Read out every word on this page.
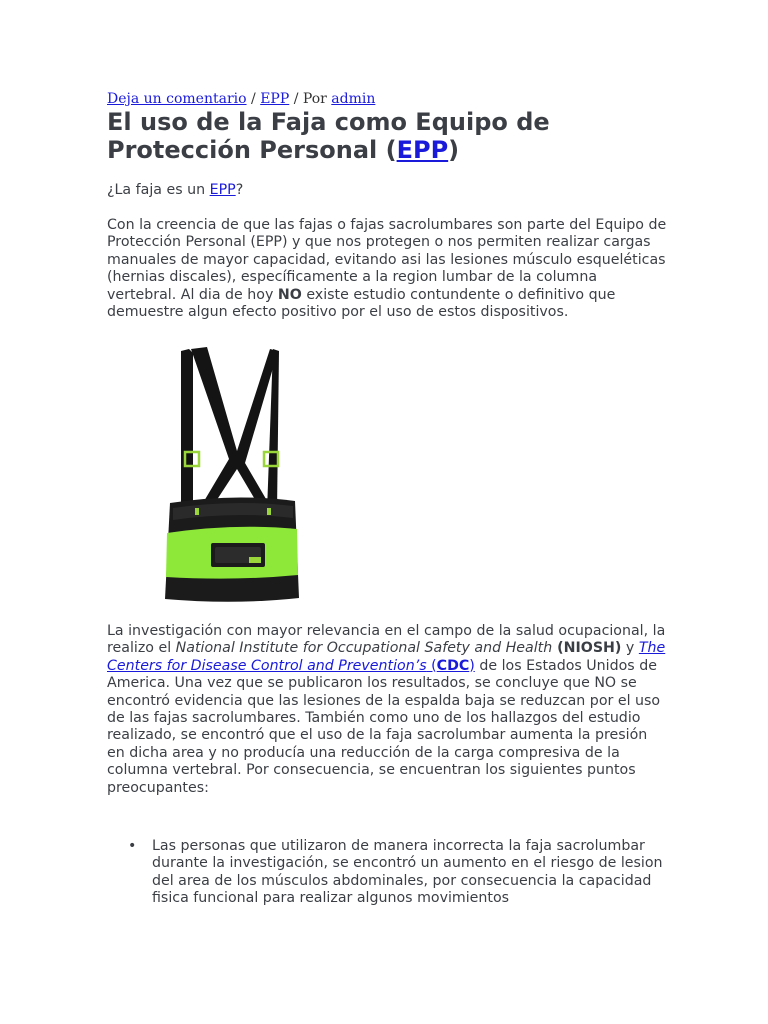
Deja un comentario / EPP / Por admin
El uso de la Faja como Equipo de Protección Personal (EPP)

¿La faja es un EPP?

Con la creencia de que las fajas o fajas sacrolumbares son parte del Equipo de Protección Personal (EPP) y que nos protegen o nos permiten realizar cargas manuales de mayor capacidad, evitando asi las lesiones músculo esqueléticas (hernias discales), específicamente a la region lumbar de la columna vertebral. Al dia de hoy NO existe estudio contundente o definitivo que demuestre algun efecto positivo por el uso de estos dispositivos.

La investigación con mayor relevancia en el campo de la salud ocupacional, la realizo el National Institute for Occupational Safety and Health (NIOSH) y The Centers for Disease Control and Prevention’s (CDC) de los Estados Unidos de America. Una vez que se publicaron los resultados, se concluye que NO se encontró evidencia que las lesiones de la espalda baja se reduzcan por el uso de las fajas sacrolumbares. También como uno de los hallazgos del estudio realizado, se encontró que el uso de la faja sacrolumbar aumenta la presión en dicha area y no producía una reducción de la carga compresiva de la columna vertebral. Por consecuencia, se encuentran los siguientes puntos preocupantes:

• Las personas que utilizaron de manera incorrecta la faja sacrolumbar durante la investigación, se encontró un aumento en el riesgo de lesion del area de los músculos abdominales, por consecuencia la capacidad fisica funcional para realizar algunos movimientos
